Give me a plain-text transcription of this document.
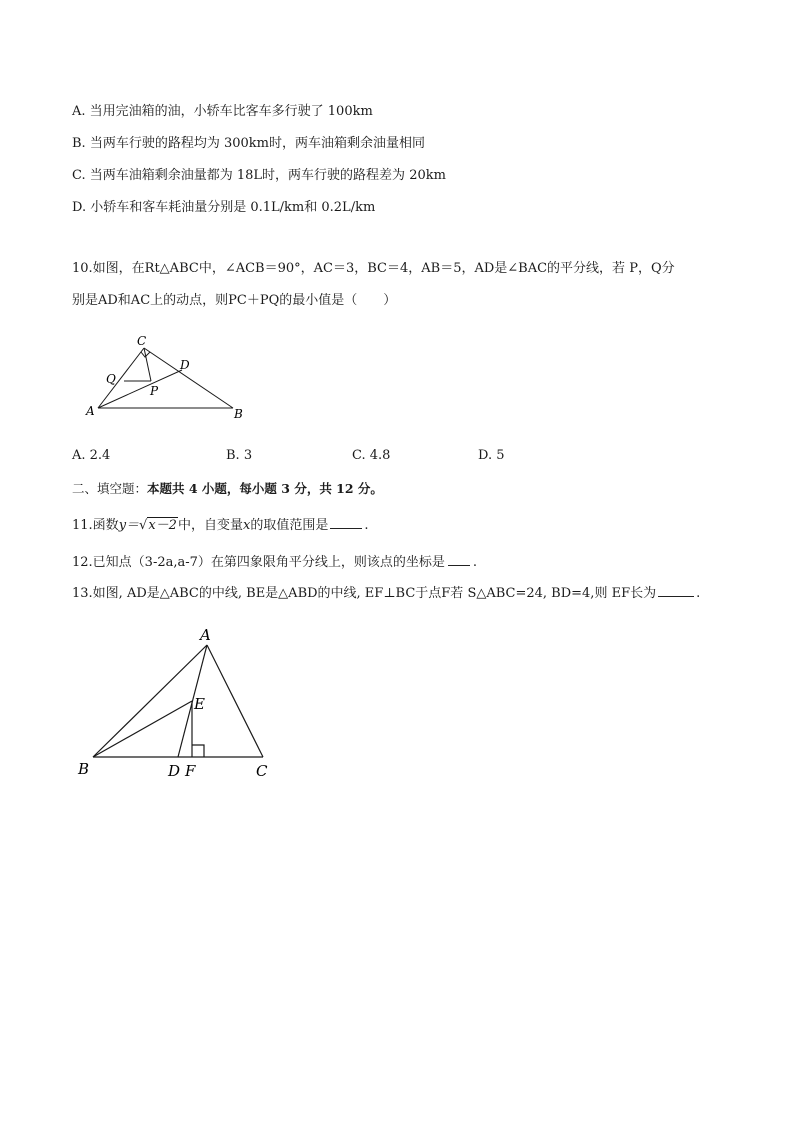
A. 当用完油箱的油，小轿车比客车多行驶了 100km
B. 当两车行驶的路程均为 300km时，两车油箱剩余油量相同
C. 当两车油箱剩余油量都为 18L时，两车行驶的路程差为 20km
D. 小轿车和客车耗油量分别是 0.1L/km和 0.2L/km
10.如图，在Rt△ABC中，∠ACB＝90°，AC＝3，BC＝4，AB＝5，AD是∠BAC的平分线，若 P，Q分
别是AD和AC上的动点，则PC＋PQ的最小值是（　　）
C
D
Q
P
A	B
A
E
B	D F	C
A. 2.4	B. 3	C. 4.8	D. 5
二、填空题：本题共 4 小题，每小题 3 分，共 12 分。
11.函数y＝√x－2中，自变量x的取值范围是	.
12.已知点（3-2a,a-7）在第四象限角平分线上，则该点的坐标是 .
13.如图, AD是△ABC的中线, BE是△ABD的中线, EF⊥BC于点F若 S△ABC=24, BD=4,则 EF长为	.
